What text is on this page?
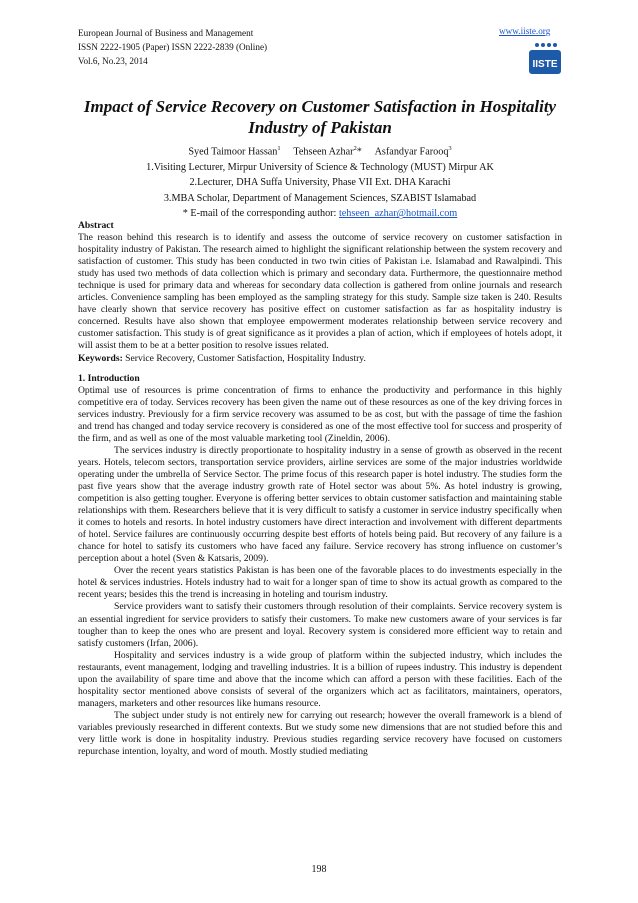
European Journal of Business and Management
ISSN 2222-1905 (Paper) ISSN 2222-2839 (Online)
Vol.6, No.23, 2014
www.iiste.org
IISTE
Impact of Service Recovery on Customer Satisfaction in Hospitality Industry of Pakistan
Syed Taimoor Hassan$^1$ Tehseen Azhar$^2$* Asfandyar Farooq$^3$
1.Visiting Lecturer, Mirpur University of Science & Technology (MUST) Mirpur AK
2.Lecturer, DHA Suffa University, Phase VII Ext. DHA Karachi
3.MBA Scholar, Department of Management Sciences, SZABIST Islamabad
* E-mail of the corresponding author: tehseen_azhar@hotmail.com

Abstract

The reason behind this research is to identify and assess the outcome of service recovery on customer satisfaction in hospitality industry of Pakistan. The research aimed to highlight the significant relationship between the system recovery and satisfaction of customer. This study has been conducted in two twin cities of Pakistan i.e. Islamabad and Rawalpindi. This study has used two methods of data collection which is primary and secondary data. Furthermore, the questionnaire method technique is used for primary data and whereas for secondary data collection is gathered from online journals and research articles. Convenience sampling has been employed as the sampling strategy for this study. Sample size taken is 240. Results have clearly shown that service recovery has positive effect on customer satisfaction as far as hospitality industry is concerned. Results have also shown that employee empowerment moderates relationship between service recovery and customer satisfaction. This study is of great significance as it provides a plan of action, which if employees of hotels adopt, it will assist them to be at a better position to resolve issues related.

Keywords: Service Recovery, Customer Satisfaction, Hospitality Industry.

1. Introduction

Optimal use of resources is prime concentration of firms to enhance the productivity and performance in this highly competitive era of today. Services recovery has been given the name out of these resources as one of the key driving forces in services industry. Previously for a firm service recovery was assumed to be as cost, but with the passage of time the fashion and trend has changed and today service recovery is considered as one of the most effective tool for success and prosperity of the firm, and as well as one of the most valuable marketing tool (Zineldin, 2006).

The services industry is directly proportionate to hospitality industry in a sense of growth as observed in the recent years. Hotels, telecom sectors, transportation service providers, airline services are some of the major industries worldwide operating under the umbrella of Service Sector. The prime focus of this research paper is hotel industry. The studies form the past five years show that the average industry growth rate of Hotel sector was about 5%. As hotel industry is growing, competition is also getting tougher. Everyone is offering better services to obtain customer satisfaction and maintaining stable relationships with them. Researchers believe that it is very difficult to satisfy a customer in service industry specifically when it comes to hotels and resorts. In hotel industry customers have direct interaction and involvement with different departments of hotel. Service failures are continuously occurring despite best efforts of hotels being paid. But recovery of any failure is a chance for hotel to satisfy its customers who have faced any failure. Service recovery has strong influence on customer’s perception about a hotel (Sven & Katsaris, 2009).

Over the recent years statistics Pakistan is has been one of the favorable places to do investments especially in the hotel & services industries. Hotels industry had to wait for a longer span of time to show its actual growth as compared to the recent years; besides this the trend is increasing in hoteling and tourism industry.

Service providers want to satisfy their customers through resolution of their complaints. Service recovery system is an essential ingredient for service providers to satisfy their customers. To make new customers aware of your services is far tougher than to keep the ones who are present and loyal. Recovery system is considered more efficient way to retain and satisfy customers (Irfan, 2006).

Hospitality and services industry is a wide group of platform within the subjected industry, which includes the restaurants, event management, lodging and travelling industries. It is a billion of rupees industry. This industry is dependent upon the availability of spare time and above that the income which can afford a person with these facilities. Each of the hospitality sector mentioned above consists of several of the organizers which act as facilitators, maintainers, operators, managers, marketers and other resources like humans resource.

The subject under study is not entirely new for carrying out research; however the overall framework is a blend of variables previously researched in different contexts. But we study some new dimensions that are not studied before this and very little work is done in hospitality industry. Previous studies regarding service recovery have focused on customers repurchase intention, loyalty, and word of mouth. Mostly studied mediating

198
